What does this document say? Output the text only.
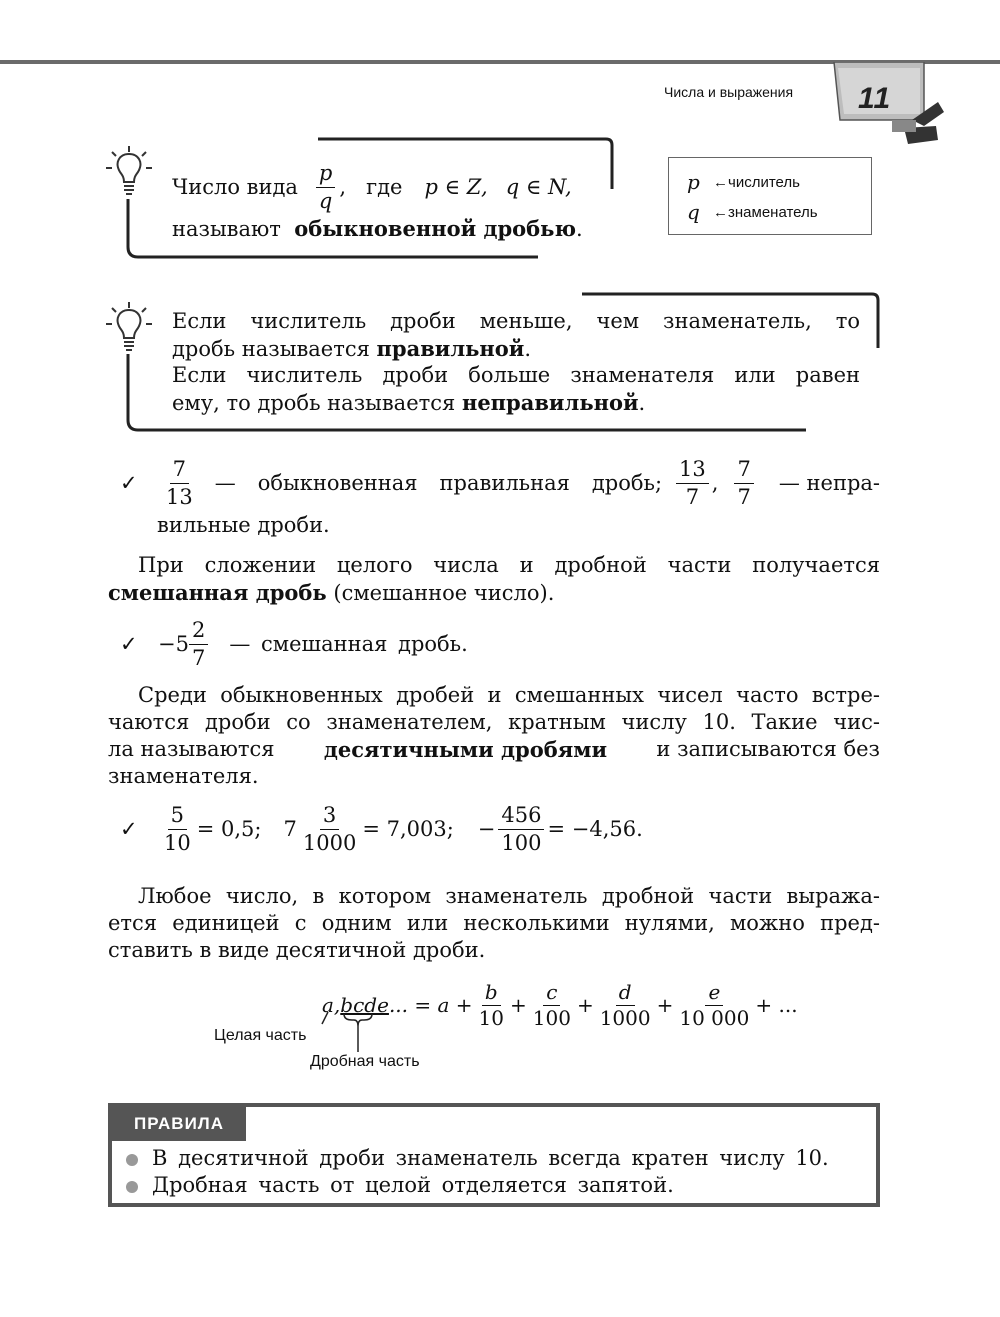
Числа и выражения 11
Число вида $\frac{p}{q}$ , где p ∈ Z, q ∈ N,
называют обыкновенной дробью.
p ←числитель
q ←знаменатель
Если числитель дроби меньше, чем знаменатель, то
дробь называется правильной.
Если числитель дроби больше знаменателя или равен
ему, то дробь называется неправильной.
✓	$\frac{7}{13}$ — обыкновенная правильная дробь; $\frac{13}{7}$ , $\frac{7}{7}$ — непра-
вильные дроби.
При сложении целого числа и дробной части получается
смешанная дробь (смешанное число).
✓ $-5 \frac{2}{7}$ — смешанная дробь.
Среди обыкновенных дробей и смешанных чисел часто встре-
чаются дроби со знаменателем, кратным числу 10. Такие чис-
ла называются десятичными дробями и записываются без
знаменателя.
✓	$\frac{5}{10} = 0,5$; $7 \frac{3}{1000} = 7,003$; − $\frac{456}{100} = -4,56$.
Любое число, в котором знаменатель дробной части выража-
ется единицей с одним или несколькими нулями, можно пред-
ставить в виде десятичной дроби.
a, bcde ... = $a + \frac{b}{10} + \frac{c}{100} + \frac{d}{1000} + \frac{e}{10 000}$ + ...
Целая часть
Дробная часть
ПРАВИЛА
В десятичной дроби знаменатель всегда кратен числу 10.
Дробная часть от целой отделяется запятой.
